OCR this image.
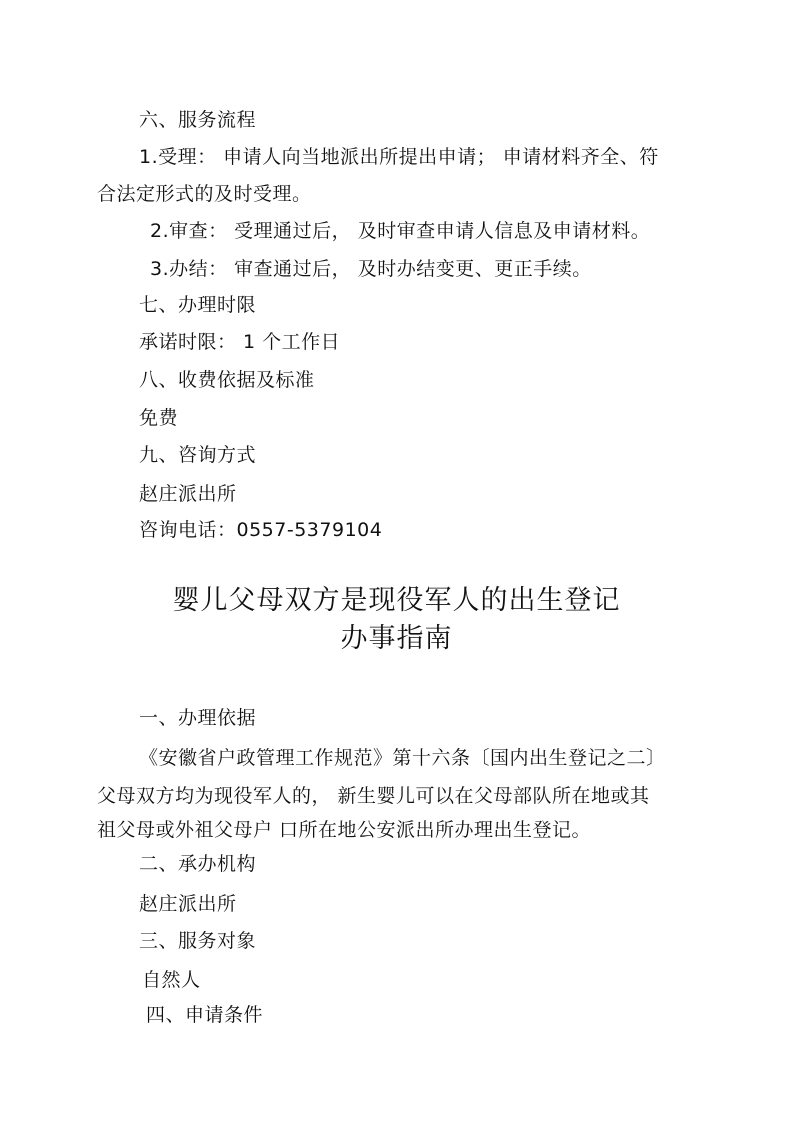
六、服务流程
1.受理： 申请人向当地派出所提出申请； 申请材料齐全、符
合法定形式的及时受理。
2.审查： 受理通过后， 及时审查申请人信息及申请材料。
3.办结： 审查通过后， 及时办结变更、更正手续。
七、办理时限
承诺时限： 1 个工作日
八、收费依据及标准
免费
九、咨询方式
赵庄派出所
咨询电话：0557-5379104
婴儿父母双方是现役军人的出生登记
办事指南
一、办理依据
《安徽省户政管理工作规范》第十六条〔国内出生登记之二〕
父母双方均为现役军人的， 新生婴儿可以在父母部队所在地或其
祖父母或外祖父母户 口所在地公安派出所办理出生登记。
二、承办机构
赵庄派出所
三、服务对象
自然人
四、申请条件
